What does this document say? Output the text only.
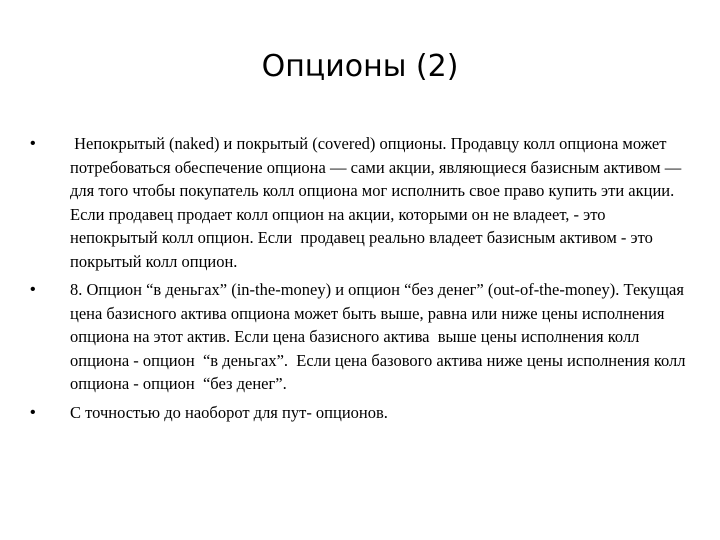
Опционы (2)
•	Непокрытый (naked) и покрытый (covered) опционы. Продавцу колл опциона может потребоваться обеспечение опциона — сами акции, являющиеся базисным активом — для того чтобы покупатель колл опциона мог исполнить свое право купить эти акции. Если продавец продает колл опцион на акции, которыми он не владеет, - это непокрытый колл опцион. Если  продавец реально владеет базисным активом - это покрытый колл опцион.
•	8. Опцион “в деньгах” (in-the-money) и опцион “без денег” (out-of-the-money). Текущая цена базисного актива опциона может быть выше, равна или ниже цены исполнения опциона на этот актив. Если цена базисного актива  выше цены исполнения колл опциона - опцион  “в деньгах”.  Если цена базового актива ниже цены исполнения колл опциона - опцион  “без денег”.
•	С точностью до наоборот для пут- опционов.
